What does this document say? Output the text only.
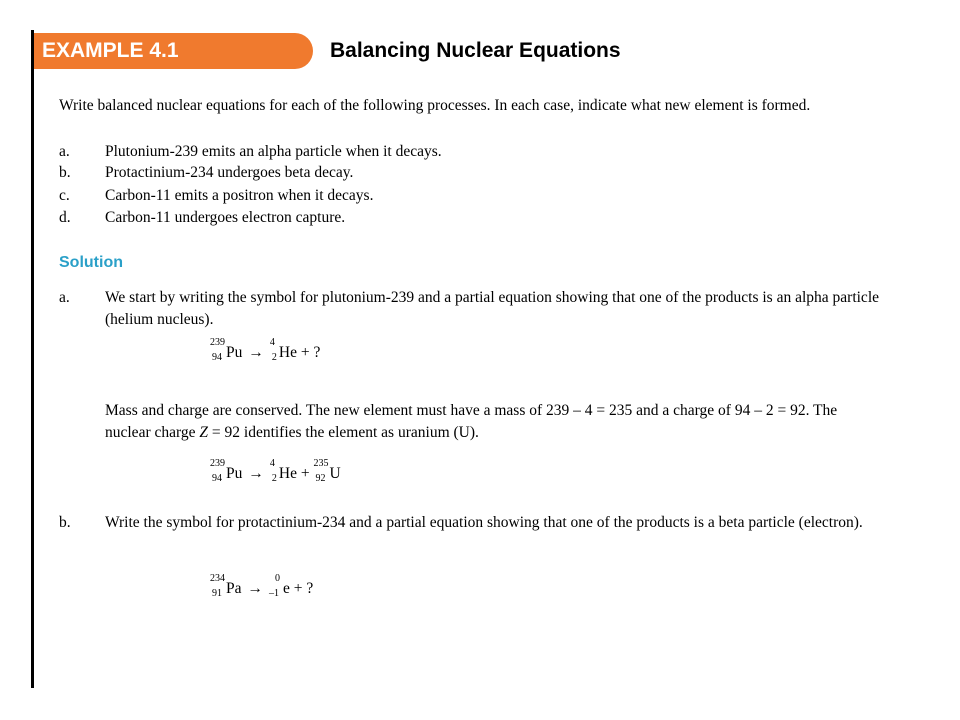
EXAMPLE 4.1	Balancing Nuclear Equations
Write balanced nuclear equations for each of the following processes. In each case, indicate what new element is formed.
a. Plutonium-239 emits an alpha particle when it decays.
b. Protactinium-234 undergoes beta decay.
c. Carbon-11 emits a positron when it decays.
d. Carbon-11 undergoes electron capture.
Solution
a. We start by writing the symbol for plutonium-239 and a partial equation showing that one of the products is an alpha particle (helium nucleus).
239
94 Pu →
4
2 He + ?
Mass and charge are conserved. The new element must have a mass of 239 – 4 = 235 and a charge of 94 – 2 = 92. The nuclear charge Z = 92 identifies the element as uranium (U).
239
94 Pu →
4
2 He +
235
92 U
b. Write the symbol for protactinium-234 and a partial equation showing that one of the products is a beta particle (electron).
234
91 Pa →
0
–1 e + ?
